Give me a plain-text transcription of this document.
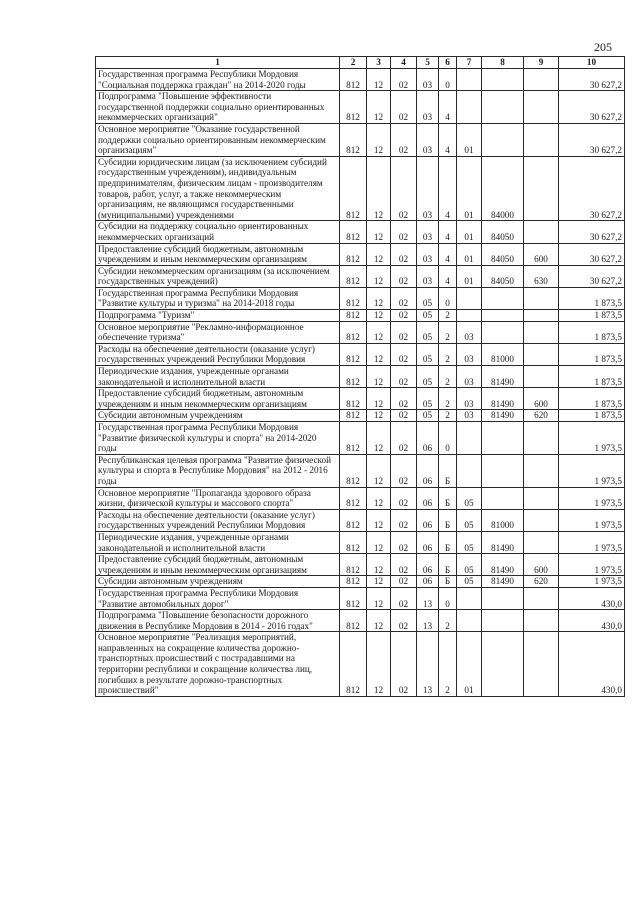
205
1	2	3	4	5	6	7	8	9	10
Государственная программа Республики Мордовия "Социальная поддержка граждан" на 2014-2020 годы	812	12	02	03	0				30 627,2
Подпрограмма "Повышение эффективности государственной поддержки социально ориентированных некоммерческих организаций"	812	12	02	03	4				30 627,2
Основное мероприятие "Оказание государственной поддержки социально ориентированным некоммерческим организациям"	812	12	02	03	4	01			30 627,2
Субсидии юридическим лицам (за исключением субсидий государственным учреждениям), индивидуальным предпринимателям, физическим лицам - производителям товаров, работ, услуг, а также некоммерческим организациям, не являющимся государственными (муниципальными) учреждениями	812	12	02	03	4	01	84000		30 627,2
Субсидии на поддержку социально ориентированных некоммерческих организаций	812	12	02	03	4	01	84050		30 627,2
Предоставление субсидий бюджетным, автономным учреждениям и иным некоммерческим организациям	812	12	02	03	4	01	84050	600	30 627,2
Субсидии некоммерческим организациям (за исключением государственных учреждений)	812	12	02	03	4	01	84050	630	30 627,2
Государственная программа Республики Мордовия "Развитие культуры и туризма" на 2014-2018 годы	812	12	02	05	0				1 873,5
Подпрограмма "Туризм"	812	12	02	05	2				1 873,5
Основное мероприятие "Рекламно-информационное обеспечение туризма"	812	12	02	05	2	03			1 873,5
Расходы на обеспечение деятельности (оказание услуг) государственных учреждений Республики Мордовия	812	12	02	05	2	03	81000		1 873,5
Периодические издания, учрежденные органами законодательной и исполнительной власти	812	12	02	05	2	03	81490		1 873,5
Предоставление субсидий бюджетным, автономным учреждениям и иным некоммерческим организациям	812	12	02	05	2	03	81490	600	1 873,5
Субсидии автономным учреждениям	812	12	02	05	2	03	81490	620	1 873,5
Государственная программа Республики Мордовия "Развитие физической культуры и спорта" на 2014-2020 годы	812	12	02	06	0				1 973,5
Республиканская целевая программа "Развитие физической культуры и спорта в Республике Мордовия" на 2012 - 2016 годы	812	12	02	06	Б				1 973,5
Основное мероприятие "Пропаганда здорового образа жизни, физической культуры и массового спорта"	812	12	02	06	Б	05			1 973,5
Расходы на обеспечение деятельности (оказание услуг) государственных учреждений Республики Мордовия	812	12	02	06	Б	05	81000		1 973,5
Периодические издания, учрежденные органами законодательной и исполнительной власти	812	12	02	06	Б	05	81490		1 973,5
Предоставление субсидий бюджетным, автономным учреждениям и иным некоммерческим организациям	812	12	02	06	Б	05	81490	600	1 973,5
Субсидии автономным учреждениям	812	12	02	06	Б	05	81490	620	1 973,5
Государственная программа Республики Мордовия "Развитие автомобильных дорог"	812	12	02	13	0				430,0
Подпрограмма "Повышение безопасности дорожного движения в Республике Мордовия в 2014 - 2016 годах"	812	12	02	13	2				430,0
Основное мероприятие "Реализация мероприятий, направленных на сокращение количества дорожно-транспортных происшествий с пострадавшими на территории республики и сокращение количества лиц, погибших в результате дорожно-транспортных происшествий"	812	12	02	13	2	01			430,0
